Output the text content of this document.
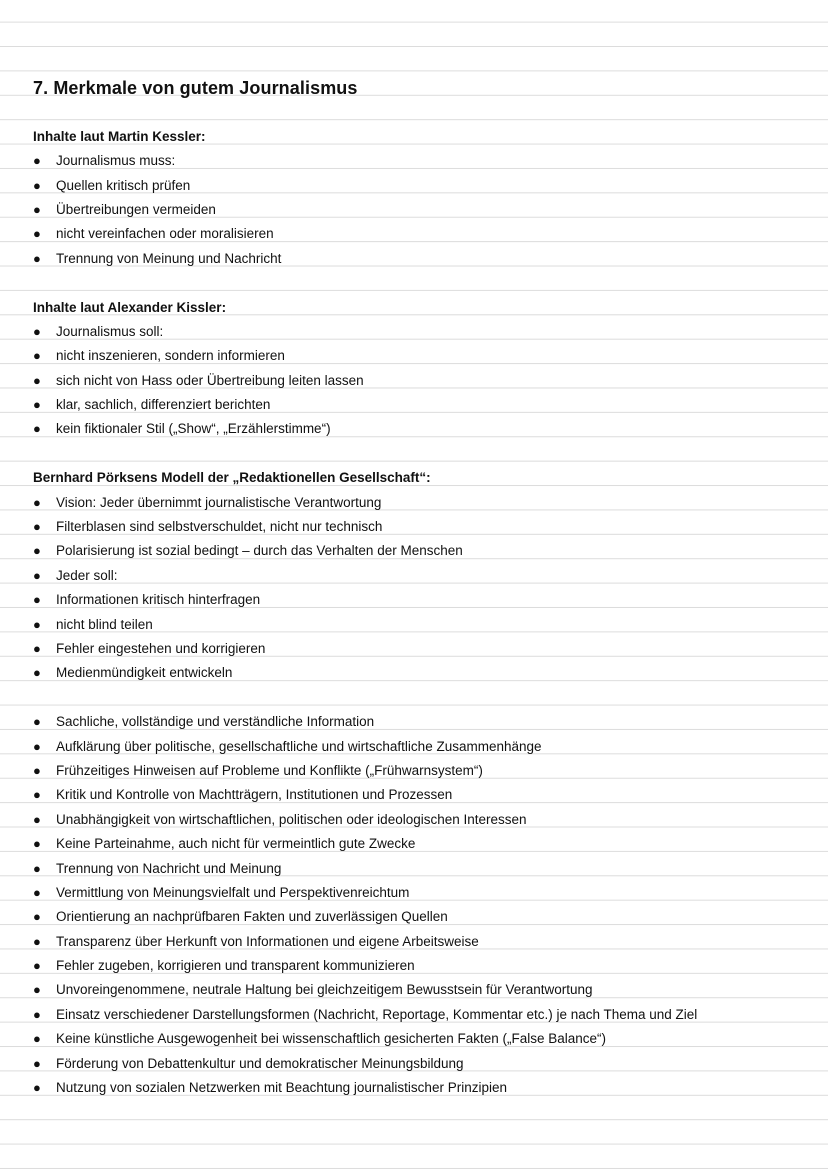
7. Merkmale von gutem Journalismus
Inhalte laut Martin Kessler:
●	Journalismus muss:
●	Quellen kritisch prüfen
●	Übertreibungen vermeiden
●	nicht vereinfachen oder moralisieren
●	Trennung von Meinung und Nachricht
Inhalte laut Alexander Kissler:
●	Journalismus soll:
●	nicht inszenieren, sondern informieren
●	sich nicht von Hass oder Übertreibung leiten lassen
●	klar, sachlich, differenziert berichten
●	kein fiktionaler Stil („Show“, „Erzählerstimme“)
Bernhard Pörksens Modell der „Redaktionellen Gesellschaft“:
●	Vision: Jeder übernimmt journalistische Verantwortung
●	Filterblasen sind selbstverschuldet, nicht nur technisch
●	Polarisierung ist sozial bedingt – durch das Verhalten der Menschen
●	Jeder soll:
●	Informationen kritisch hinterfragen
●	nicht blind teilen
●	Fehler eingestehen und korrigieren
●	Medienmündigkeit entwickeln
●	Sachliche, vollständige und verständliche Information
●	Aufklärung über politische, gesellschaftliche und wirtschaftliche Zusammenhänge
●	Frühzeitiges Hinweisen auf Probleme und Konflikte („Frühwarnsystem“)
●	Kritik und Kontrolle von Machtträgern, Institutionen und Prozessen
●	Unabhängigkeit von wirtschaftlichen, politischen oder ideologischen Interessen
●	Keine Parteinahme, auch nicht für vermeintlich gute Zwecke
●	Trennung von Nachricht und Meinung
●	Vermittlung von Meinungsvielfalt und Perspektivenreichtum
●	Orientierung an nachprüfbaren Fakten und zuverlässigen Quellen
●	Transparenz über Herkunft von Informationen und eigene Arbeitsweise
●	Fehler zugeben, korrigieren und transparent kommunizieren
●	Unvoreingenommene, neutrale Haltung bei gleichzeitigem Bewusstsein für Verantwortung
●	Einsatz verschiedener Darstellungsformen (Nachricht, Reportage, Kommentar etc.) je nach Thema und Ziel
●	Keine künstliche Ausgewogenheit bei wissenschaftlich gesicherten Fakten („False Balance“)
●	Förderung von Debattenkultur und demokratischer Meinungsbildung
●	Nutzung von sozialen Netzwerken mit Beachtung journalistischer Prinzipien
